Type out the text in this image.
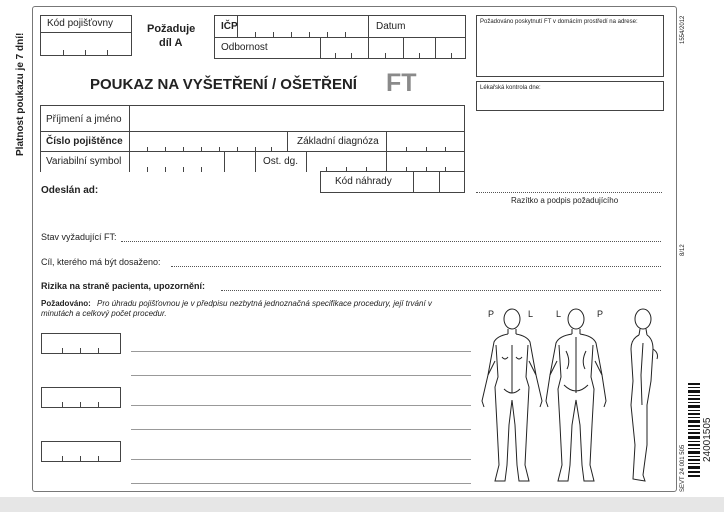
Platnost poukazu je 7 dní!
1554/2012
8/12
SEVT 24 001 505
24001505
Kód pojišťovny	Požaduje
díl A
IČP	Datum
Odbornost
POUKAZ NA VYŠETŘENÍ / OŠETŘENÍ FT
Požadováno poskytnutí FT v domácím prostředí na adrese:
Lékařská kontrola dne:
Razítko a podpis požadujícího
Příjmení a jméno
Číslo pojištěnce	Základní diagnóza
Variabilní symbol	Ost. dg.
Kód náhrady
Odeslán ad:
Stav vyžadující FT:
Cíl, kterého má být dosaženo:
Rizika na straně pacienta, upozornění:
Požadováno: Pro úhradu pojišťovnou je v předpisu nezbytná jednoznačná specifikace procedury, její trvání v minutách a celkový počet procedur.	P	L	L	P
